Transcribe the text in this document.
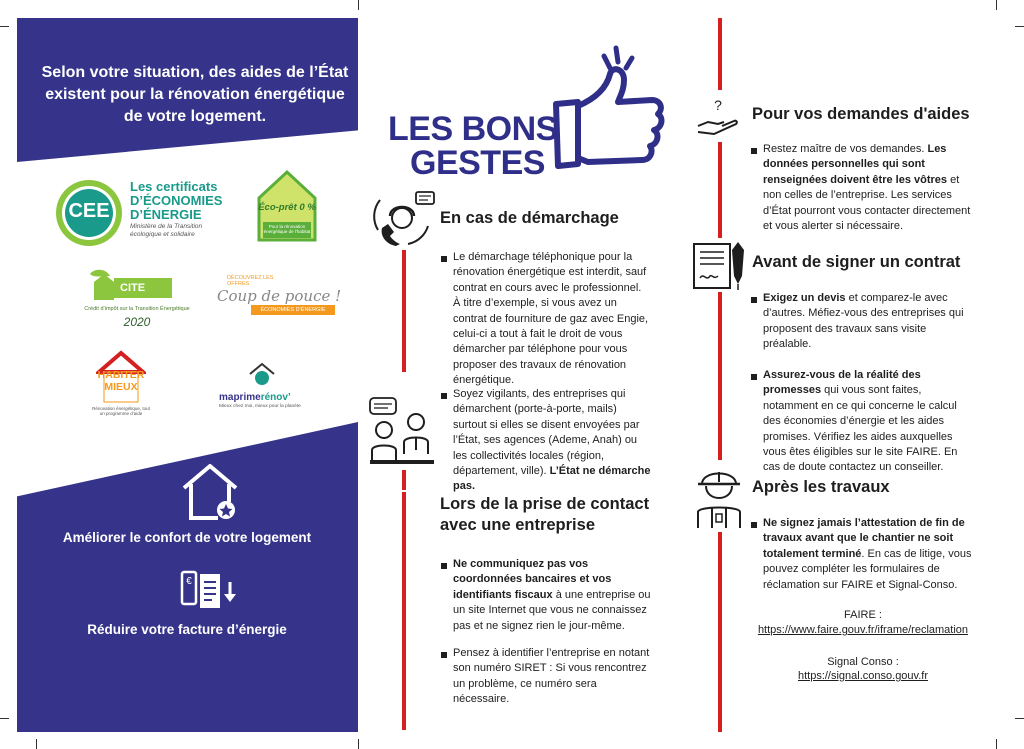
Selon votre situation, des aides de l’État existent pour la rénovation énergétique de votre logement.
CEE
Les certificats
D’ÉCONOMIES
D’ÉNERGIE
Ministère de la Transition écologique et solidaire
Éco-prêt 0 %
Pour la rénovation énergétique de l’habitat
CITE
Crédit d’impôt sur la Transition Énergétique
2020
DÉCOUVREZ LES OFFRES
Coup de pouce !
ÉCONOMIES D’ÉNERGIE
HABITER
MIEUX
Rénovation énergétique, tout un programme d’aide
maprimerénov’
Mieux chez moi, mieux pour la planète
Améliorer le confort de votre logement
€
Réduire votre facture d’énergie
LES BONS
GESTES
En cas de démarchage
Le démarchage téléphonique pour la rénovation énergétique est interdit, sauf contrat en cours avec le professionnel. À titre d’exemple, si vous avez un contrat de fourniture de gaz avec Engie, celui-ci a tout à fait le droit de vous démarcher par téléphone pour vous proposer des travaux de rénovation énergétique.
Soyez vigilants, des entreprises qui démarchent (porte-à-porte, mails) surtout si elles se disent envoyées par l’État, ses agences (Ademe, Anah) ou les collectivités locales (région, département, ville). L’État ne démarche pas.
Lors de la prise de contact
avec une entreprise
Ne communiquez pas vos coordonnées bancaires et vos identifiants fiscaux à une entreprise ou un site Internet que vous ne connaissez pas et ne signez rien le jour-même.
Pensez à identifier l’entreprise en notant son numéro SIRET : Si vous rencontrez un problème, ce numéro sera nécessaire.
? Pour vos demandes d'aides
Restez maître de vos demandes. Les données personnelles qui sont renseignées doivent être les vôtres et non celles de l’entreprise. Les services d’État pourront vous contacter directement et vous alerter si nécessaire.
Avant de signer un contrat
Exigez un devis et comparez-le avec d’autres. Méfiez-vous des entreprises qui proposent des travaux sans visite préalable.
Assurez-vous de la réalité des promesses qui vous sont faites, notamment en ce qui concerne le calcul des économies d’énergie et les aides promises. Vérifiez les aides auxquelles vous êtes éligibles sur le site FAIRE. En cas de doute contactez un conseiller.
Après les travaux
Ne signez jamais l’attestation de fin de travaux avant que le chantier ne soit totalement terminé. En cas de litige, vous pouvez compléter les formulaires de réclamation sur FAIRE et Signal-Conso.
FAIRE :
https://www.faire.gouv.fr/iframe/reclamation
Signal Conso :
https://signal.conso.gouv.fr
